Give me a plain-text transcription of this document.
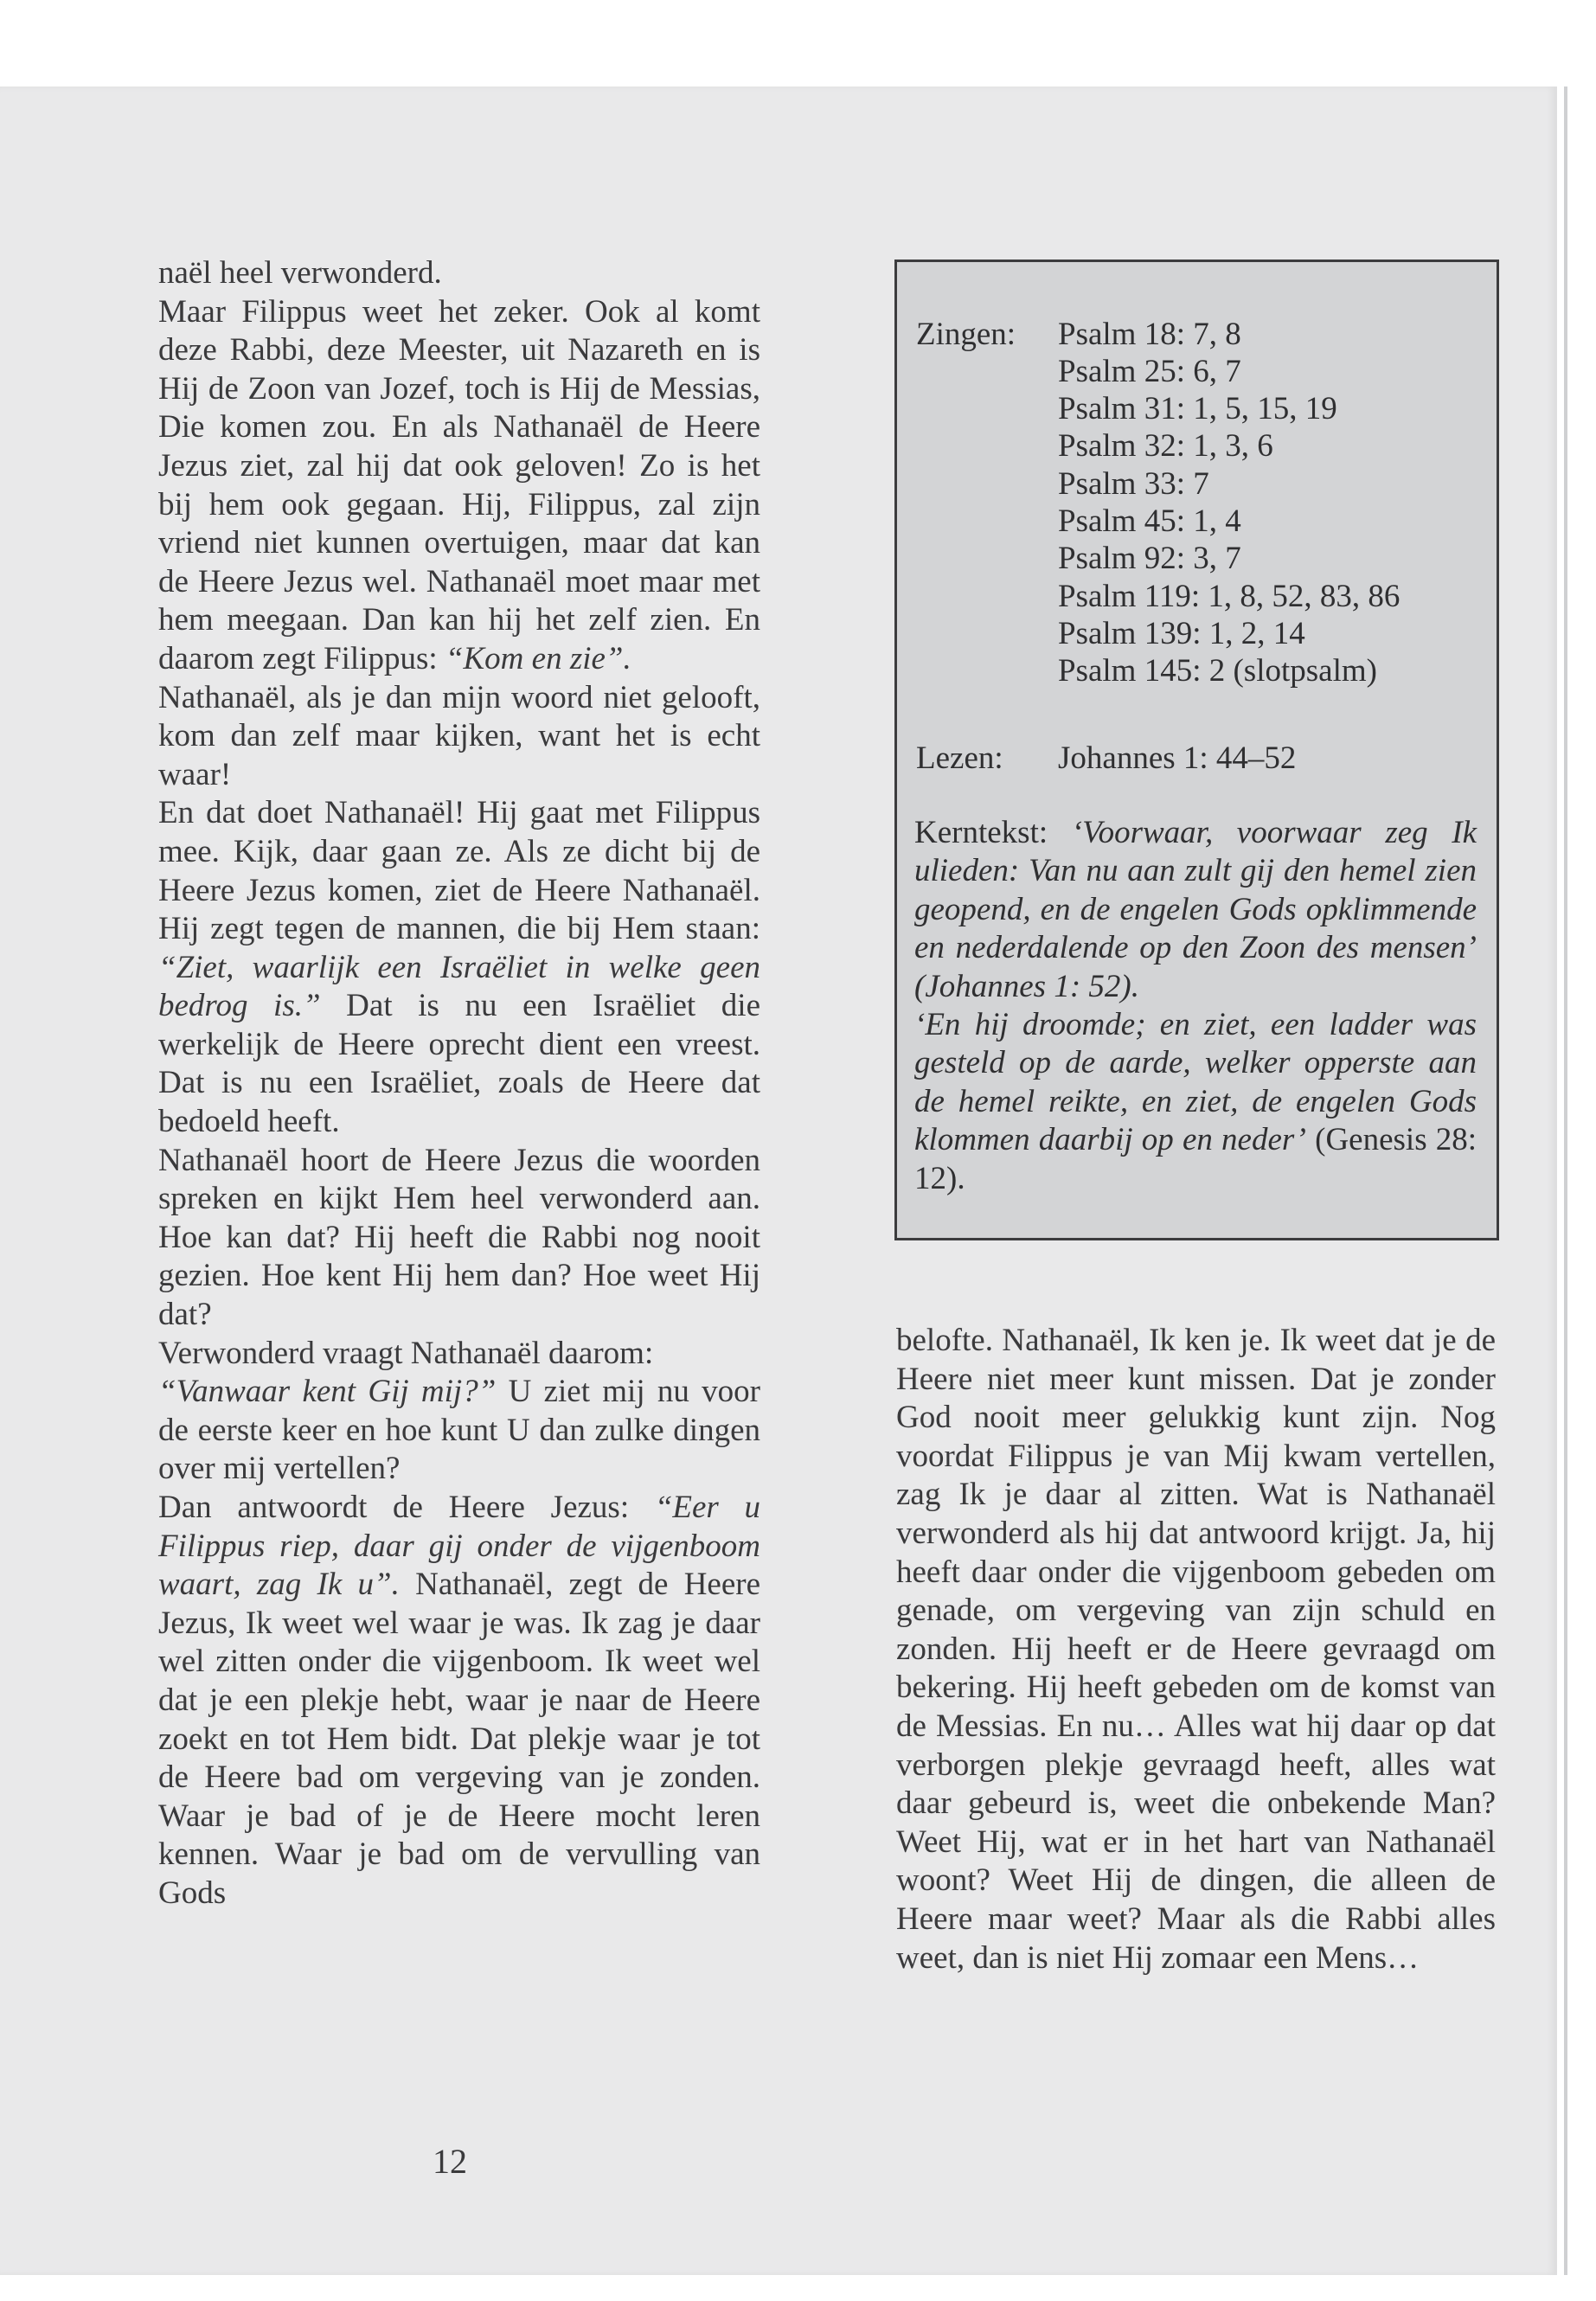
naël heel verwonderd.

Maar Filippus weet het zeker. Ook al komt deze Rabbi, deze Meester, uit Nazareth en is Hij de Zoon van Jozef, toch is Hij de Messias, Die komen zou. En als Nathanaël de Heere Jezus ziet, zal hij dat ook geloven! Zo is het bij hem ook gegaan. Hij, Filippus, zal zijn vriend niet kunnen overtuigen, maar dat kan de Heere Jezus wel. Nathanaël moet maar met hem meegaan. Dan kan hij het zelf zien. En daarom zegt Filippus: “Kom en zie”.

Nathanaël, als je dan mijn woord niet gelooft, kom dan zelf maar kijken, want het is echt waar!

En dat doet Nathanaël! Hij gaat met Filippus mee. Kijk, daar gaan ze. Als ze dicht bij de Heere Jezus komen, ziet de Heere Nathanaël. Hij zegt tegen de mannen, die bij Hem staan: “Ziet, waarlijk een Israëliet in welke geen bedrog is.” Dat is nu een Israëliet die werkelijk de Heere oprecht dient een vreest. Dat is nu een Israëliet, zoals de Heere dat bedoeld heeft.

Nathanaël hoort de Heere Jezus die woorden spreken en kijkt Hem heel verwonderd aan. Hoe kan dat? Hij heeft die Rabbi nog nooit gezien. Hoe kent Hij hem dan? Hoe weet Hij dat?

Verwonderd vraagt Nathanaël daarom:
“Vanwaar kent Gij mij?” U ziet mij nu voor de eerste keer en hoe kunt U dan zulke dingen over mij vertellen?

Dan antwoordt de Heere Jezus: “Eer u Filippus riep, daar gij onder de vijgenboom waart, zag Ik u”. Nathanaël, zegt de Heere Jezus, Ik weet wel waar je was. Ik zag je daar wel zitten onder die vijgenboom. Ik weet wel dat je een plekje hebt, waar je naar de Heere zoekt en tot Hem bidt. Dat plekje waar je tot de Heere bad om vergeving van je zonden. Waar je bad of je de Heere mocht leren kennen. Waar je bad om de vervulling van Gods

Zingen: Psalm 18: 7, 8
Psalm 25: 6, 7
Psalm 31: 1, 5, 15, 19
Psalm 32: 1, 3, 6
Psalm 33: 7
Psalm 45: 1, 4
Psalm 92: 3, 7
Psalm 119: 1, 8, 52, 83, 86
Psalm 139: 1, 2, 14
Psalm 145: 2 (slotpsalm)
Lezen: Johannes 1: 44–52
Kerntekst: ‘Voorwaar, voorwaar zeg Ik ulieden: Van nu aan zult gij den hemel zien geopend, en de engelen Gods opklimmende en nederdalende op den Zoon des mensen’ (Johannes 1: 52).
‘En hij droomde; en ziet, een ladder was gesteld op de aarde, welker opperste aan de hemel reikte, en ziet, de engelen Gods klommen daarbij op en neder’ (Genesis 28: 12).

belofte. Nathanaël, Ik ken je. Ik weet dat je de Heere niet meer kunt missen. Dat je zonder God nooit meer gelukkig kunt zijn. Nog voordat Filippus je van Mij kwam vertellen, zag Ik je daar al zitten. Wat is Nathanaël verwonderd als hij dat antwoord krijgt. Ja, hij heeft daar onder die vijgenboom gebeden om genade, om vergeving van zijn schuld en zonden. Hij heeft er de Heere gevraagd om bekering. Hij heeft gebeden om de komst van de Messias. En nu… Alles wat hij daar op dat verborgen plekje gevraagd heeft, alles wat daar gebeurd is, weet die onbekende Man? Weet Hij, wat er in het hart van Nathanaël woont? Weet Hij de dingen, die alleen de Heere maar weet? Maar als die Rabbi alles weet, dan is niet Hij zomaar een Mens…

12
